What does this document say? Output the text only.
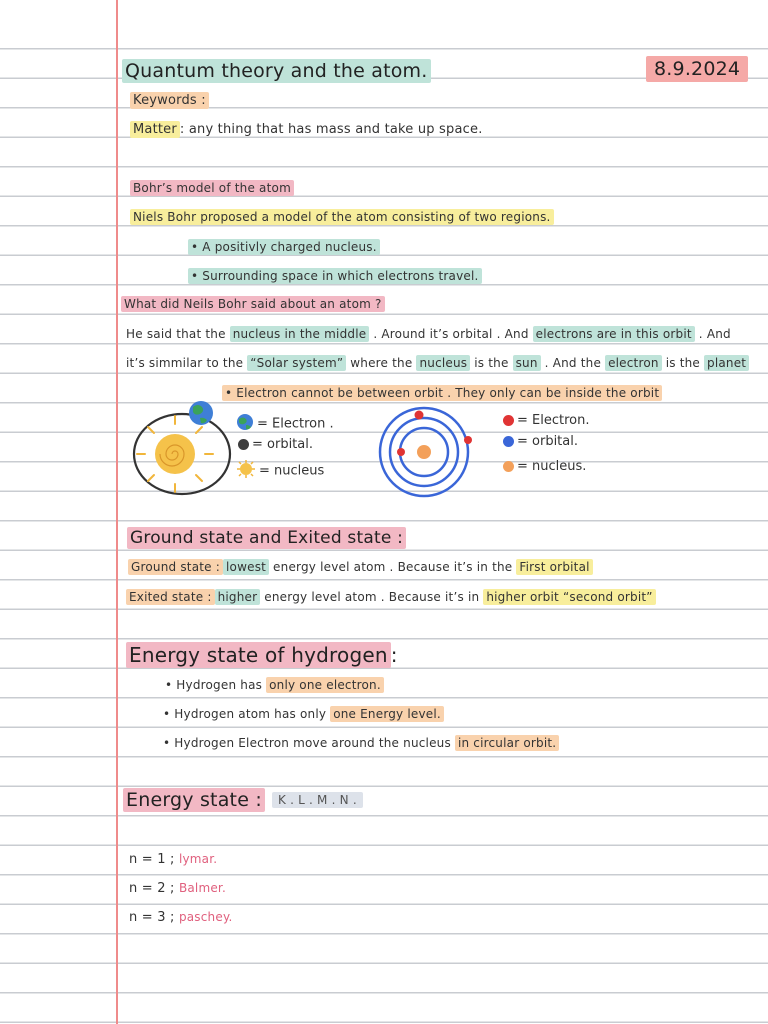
Quantum theory and the atom.	8.9.2024
Keywords :
Matter : any thing that has mass and take up space.
Bohr’s model of the atom
Niels Bohr proposed a model of the atom consisting of two regions.
• A positivly charged nucleus.
• Surrounding space in which electrons travel.
What did Neils Bohr said about an atom ?
He said that the nucleus in the middle . Around it’s orbital . And electrons are in this orbit . And
it’s simmilar to the “Solar system” where the nucleus is the sun . And the electron is the planet
• Electron cannot be between orbit . They only can be inside the orbit
= Electron .
= orbital.
= nucleus
= Electron.
= orbital.
= nucleus.
Ground state and Exited state :
Ground state : lowest energy level atom . Because it’s in the First orbital
Exited state : higher energy level atom . Because it’s in higher orbit “second orbit”
Energy state of hydrogen :
• Hydrogen has only one electron.
• Hydrogen atom has only one Energy level.
• Hydrogen Electron move around the nucleus in circular orbit.
Energy state :	K . L . M . N .
n = 1 ; lymar.
n = 2 ; Balmer.
n = 3 ; paschey.
